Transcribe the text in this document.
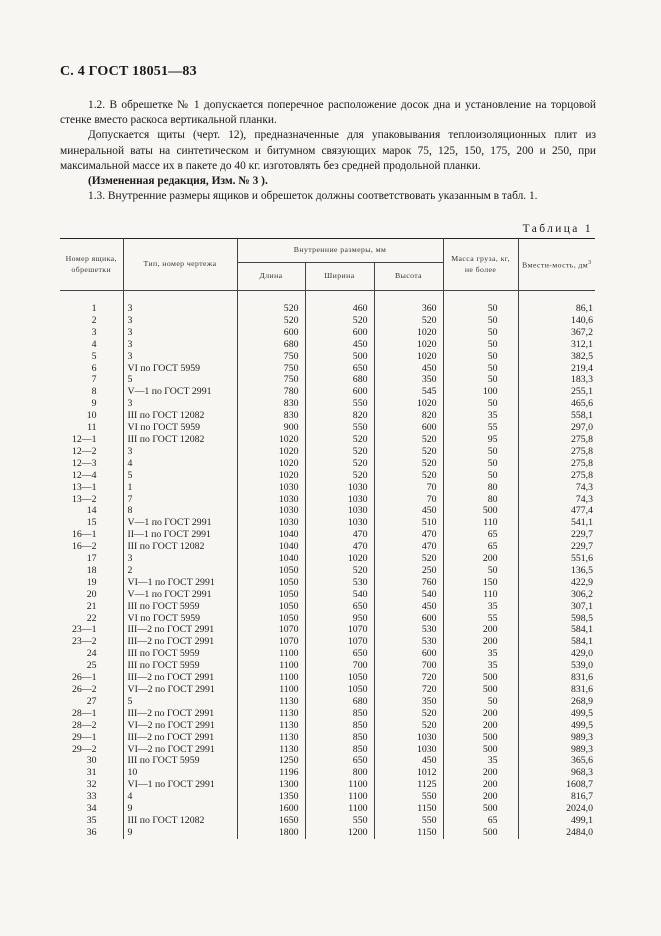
С. 4 ГОСТ 18051—83

1.2. В обрешетке № 1 допускается поперечное расположение досок дна и установление на торцовой стенке вместо раскоса вертикальной планки.

Допускается щиты (черт. 12), предназначенные для упаковывания теплоизоляционных плит из минеральной ваты на синтетическом и битумном связующих марок 75, 125, 150, 175, 200 и 250, при максимальной массе их в пакете до 40 кг. изготовлять без средней продольной планки.

(Измененная редакция, Изм. № 3 ).

1.3. Внутренние размеры ящиков и обрешеток должны соответствовать указанным в табл. 1.

Таблица 1
Номер ящика, обрешетки	Тип, номер чертежа	Внутренние размеры, мм			Масса груза, кг, не более	Вмести-мость, $дм^3$
		Длина	Ширина	Высота		

1	3	520	460	360	50	86,1
2	3	520	520	520	50	140,6
3	3	600	600	1020	50	367,2
4	3	680	450	1020	50	312,1
5	3	750	500	1020	50	382,5
6	VI по ГОСТ 5959	750	650	450	50	219,4
7	5	750	680	350	50	183,3
8	V—1 по ГОСТ 2991	780	600	545	100	255,1
9	3	830	550	1020	50	465,6
10	III по ГОСТ 12082	830	820	820	35	558,1
11	VI по ГОСТ 5959	900	550	600	55	297,0
12—1	III по ГОСТ 12082	1020	520	520	95	275,8
12—2	3	1020	520	520	50	275,8
12—3	4	1020	520	520	50	275,8
12—4	5	1020	520	520	50	275,8
13—1	1	1030	1030	70	80	74,3
13—2	7	1030	1030	70	80	74,3
14	8	1030	1030	450	500	477,4
15	V—1 по ГОСТ 2991	1030	1030	510	110	541,1
16—1	II—1 по ГОСТ 2991	1040	470	470	65	229,7
16—2	III по ГОСТ 12082	1040	470	470	65	229,7
17	3	1040	1020	520	200	551,6
18	2	1050	520	250	50	136,5
19	VI—1 по ГОСТ 2991	1050	530	760	150	422,9
20	V—1 по ГОСТ 2991	1050	540	540	110	306,2
21	III по ГОСТ 5959	1050	650	450	35	307,1
22	VI по ГОСТ 5959	1050	950	600	55	598,5
23—1	III—2 по ГОСТ 2991	1070	1070	530	200	584,1
23—2	III—2 по ГОСТ 2991	1070	1070	530	200	584,1
24	III по ГОСТ 5959	1100	650	600	35	429,0
25	III по ГОСТ 5959	1100	700	700	35	539,0
26—1	III—2 по ГОСТ 2991	1100	1050	720	500	831,6
26—2	VI—2 по ГОСТ 2991	1100	1050	720	500	831,6
27	5	1130	680	350	50	268,9
28—1	III—2 по ГОСТ 2991	1130	850	520	200	499,5
28—2	VI—2 по ГОСТ 2991	1130	850	520	200	499,5
29—1	III—2 по ГОСТ 2991	1130	850	1030	500	989,3
29—2	VI—2 по ГОСТ 2991	1130	850	1030	500	989,3
30	III по ГОСТ 5959	1250	650	450	35	365,6
31	10	1196	800	1012	200	968,3
32	VI—1 по ГОСТ 2991	1300	1100	1125	200	1608,7
33	4	1350	1100	550	200	816,7
34	9	1600	1100	1150	500	2024,0
35	III по ГОСТ 12082	1650	550	550	65	499,1
36	9	1800	1200	1150	500	2484,0
